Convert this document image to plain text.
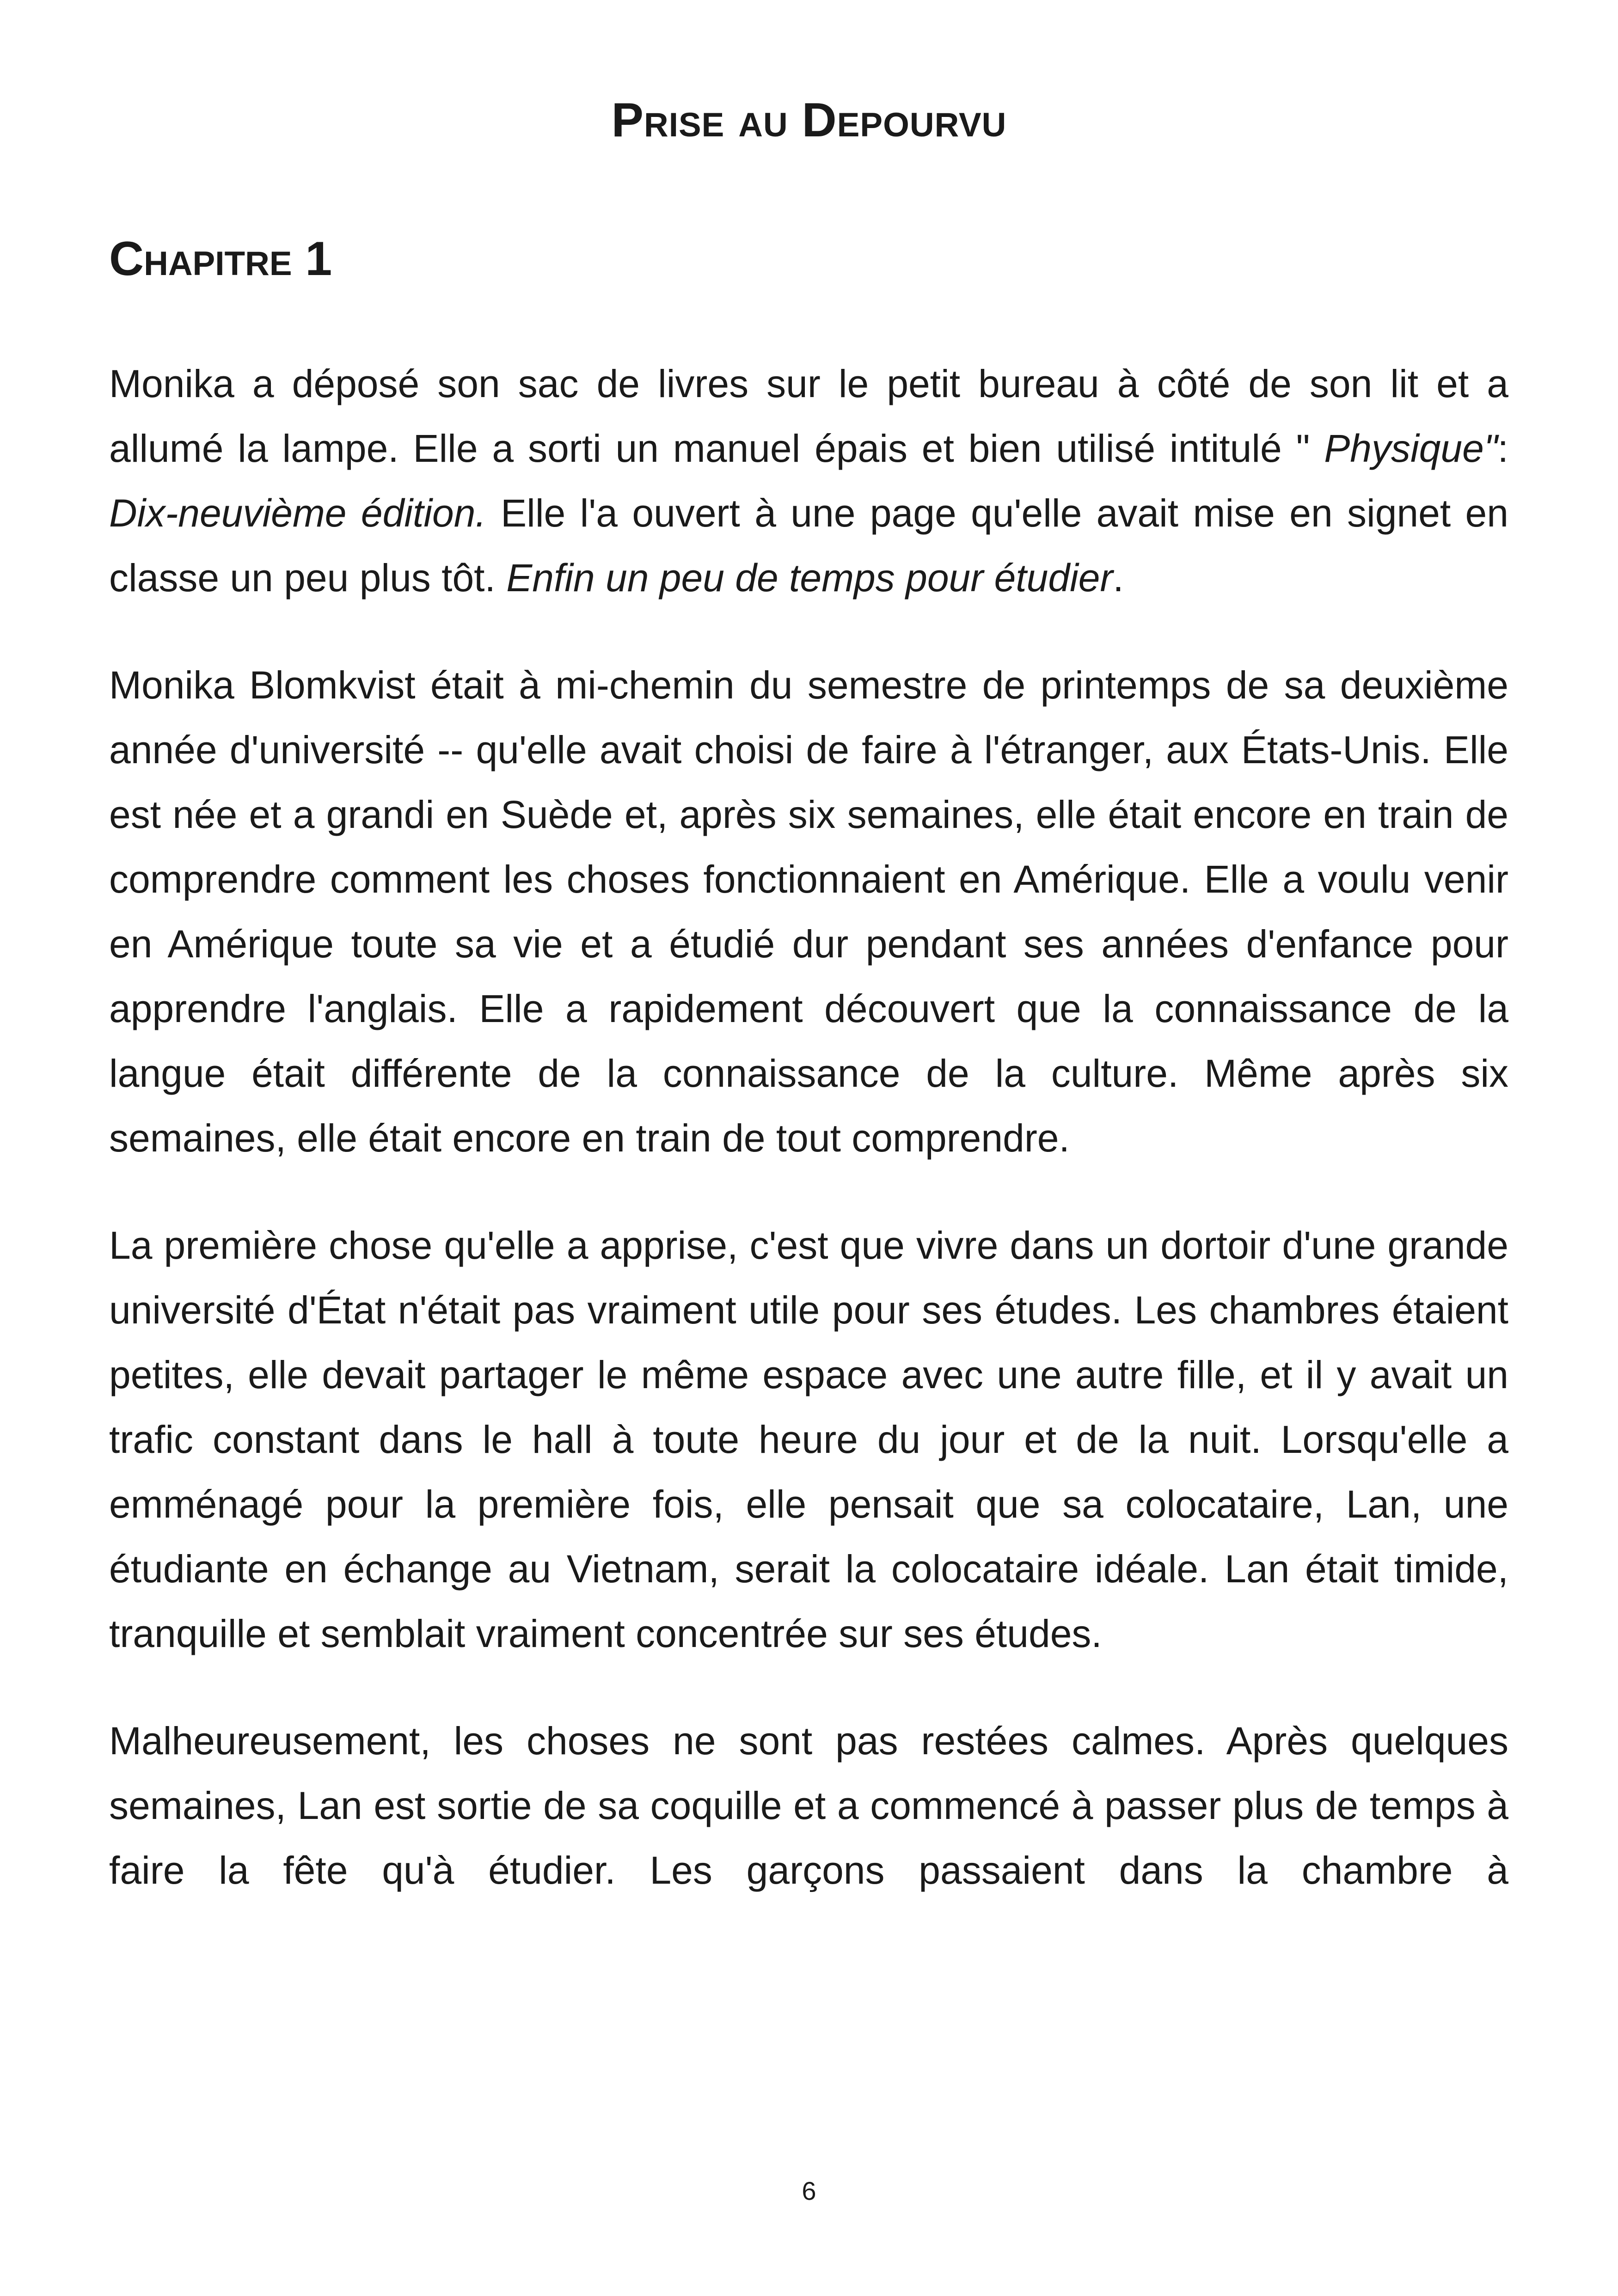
Prise au Depourvu
Chapitre 1

Monika a déposé son sac de livres sur le petit bureau à côté de son lit et a allumé la lampe. Elle a sorti un manuel épais et bien utilisé intitulé " Physique": Dix-neuvième édition. Elle l'a ouvert à une page qu'elle avait mise en signet en classe un peu plus tôt. Enfin un peu de temps pour étudier.

Monika Blomkvist était à mi-chemin du semestre de printemps de sa deuxième année d'université -- qu'elle avait choisi de faire à l'étranger, aux États-Unis. Elle est née et a grandi en Suède et, après six semaines, elle était encore en train de comprendre comment les choses fonctionnaient en Amérique. Elle a voulu venir en Amérique toute sa vie et a étudié dur pendant ses années d'enfance pour apprendre l'anglais. Elle a rapidement découvert que la connaissance de la langue était différente de la connaissance de la culture. Même après six semaines, elle était encore en train de tout comprendre.

La première chose qu'elle a apprise, c'est que vivre dans un dortoir d'une grande université d'État n'était pas vraiment utile pour ses études. Les chambres étaient petites, elle devait partager le même espace avec une autre fille, et il y avait un trafic constant dans le hall à toute heure du jour et de la nuit. Lorsqu'elle a emménagé pour la première fois, elle pensait que sa colocataire, Lan, une étudiante en échange au Vietnam, serait la colocataire idéale. Lan était timide, tranquille et semblait vraiment concentrée sur ses études.

Malheureusement, les choses ne sont pas restées calmes. Après quelques semaines, Lan est sortie de sa coquille et a commencé à passer plus de temps à faire la fête qu'à étudier. Les garçons passaient dans la chambre à

6
